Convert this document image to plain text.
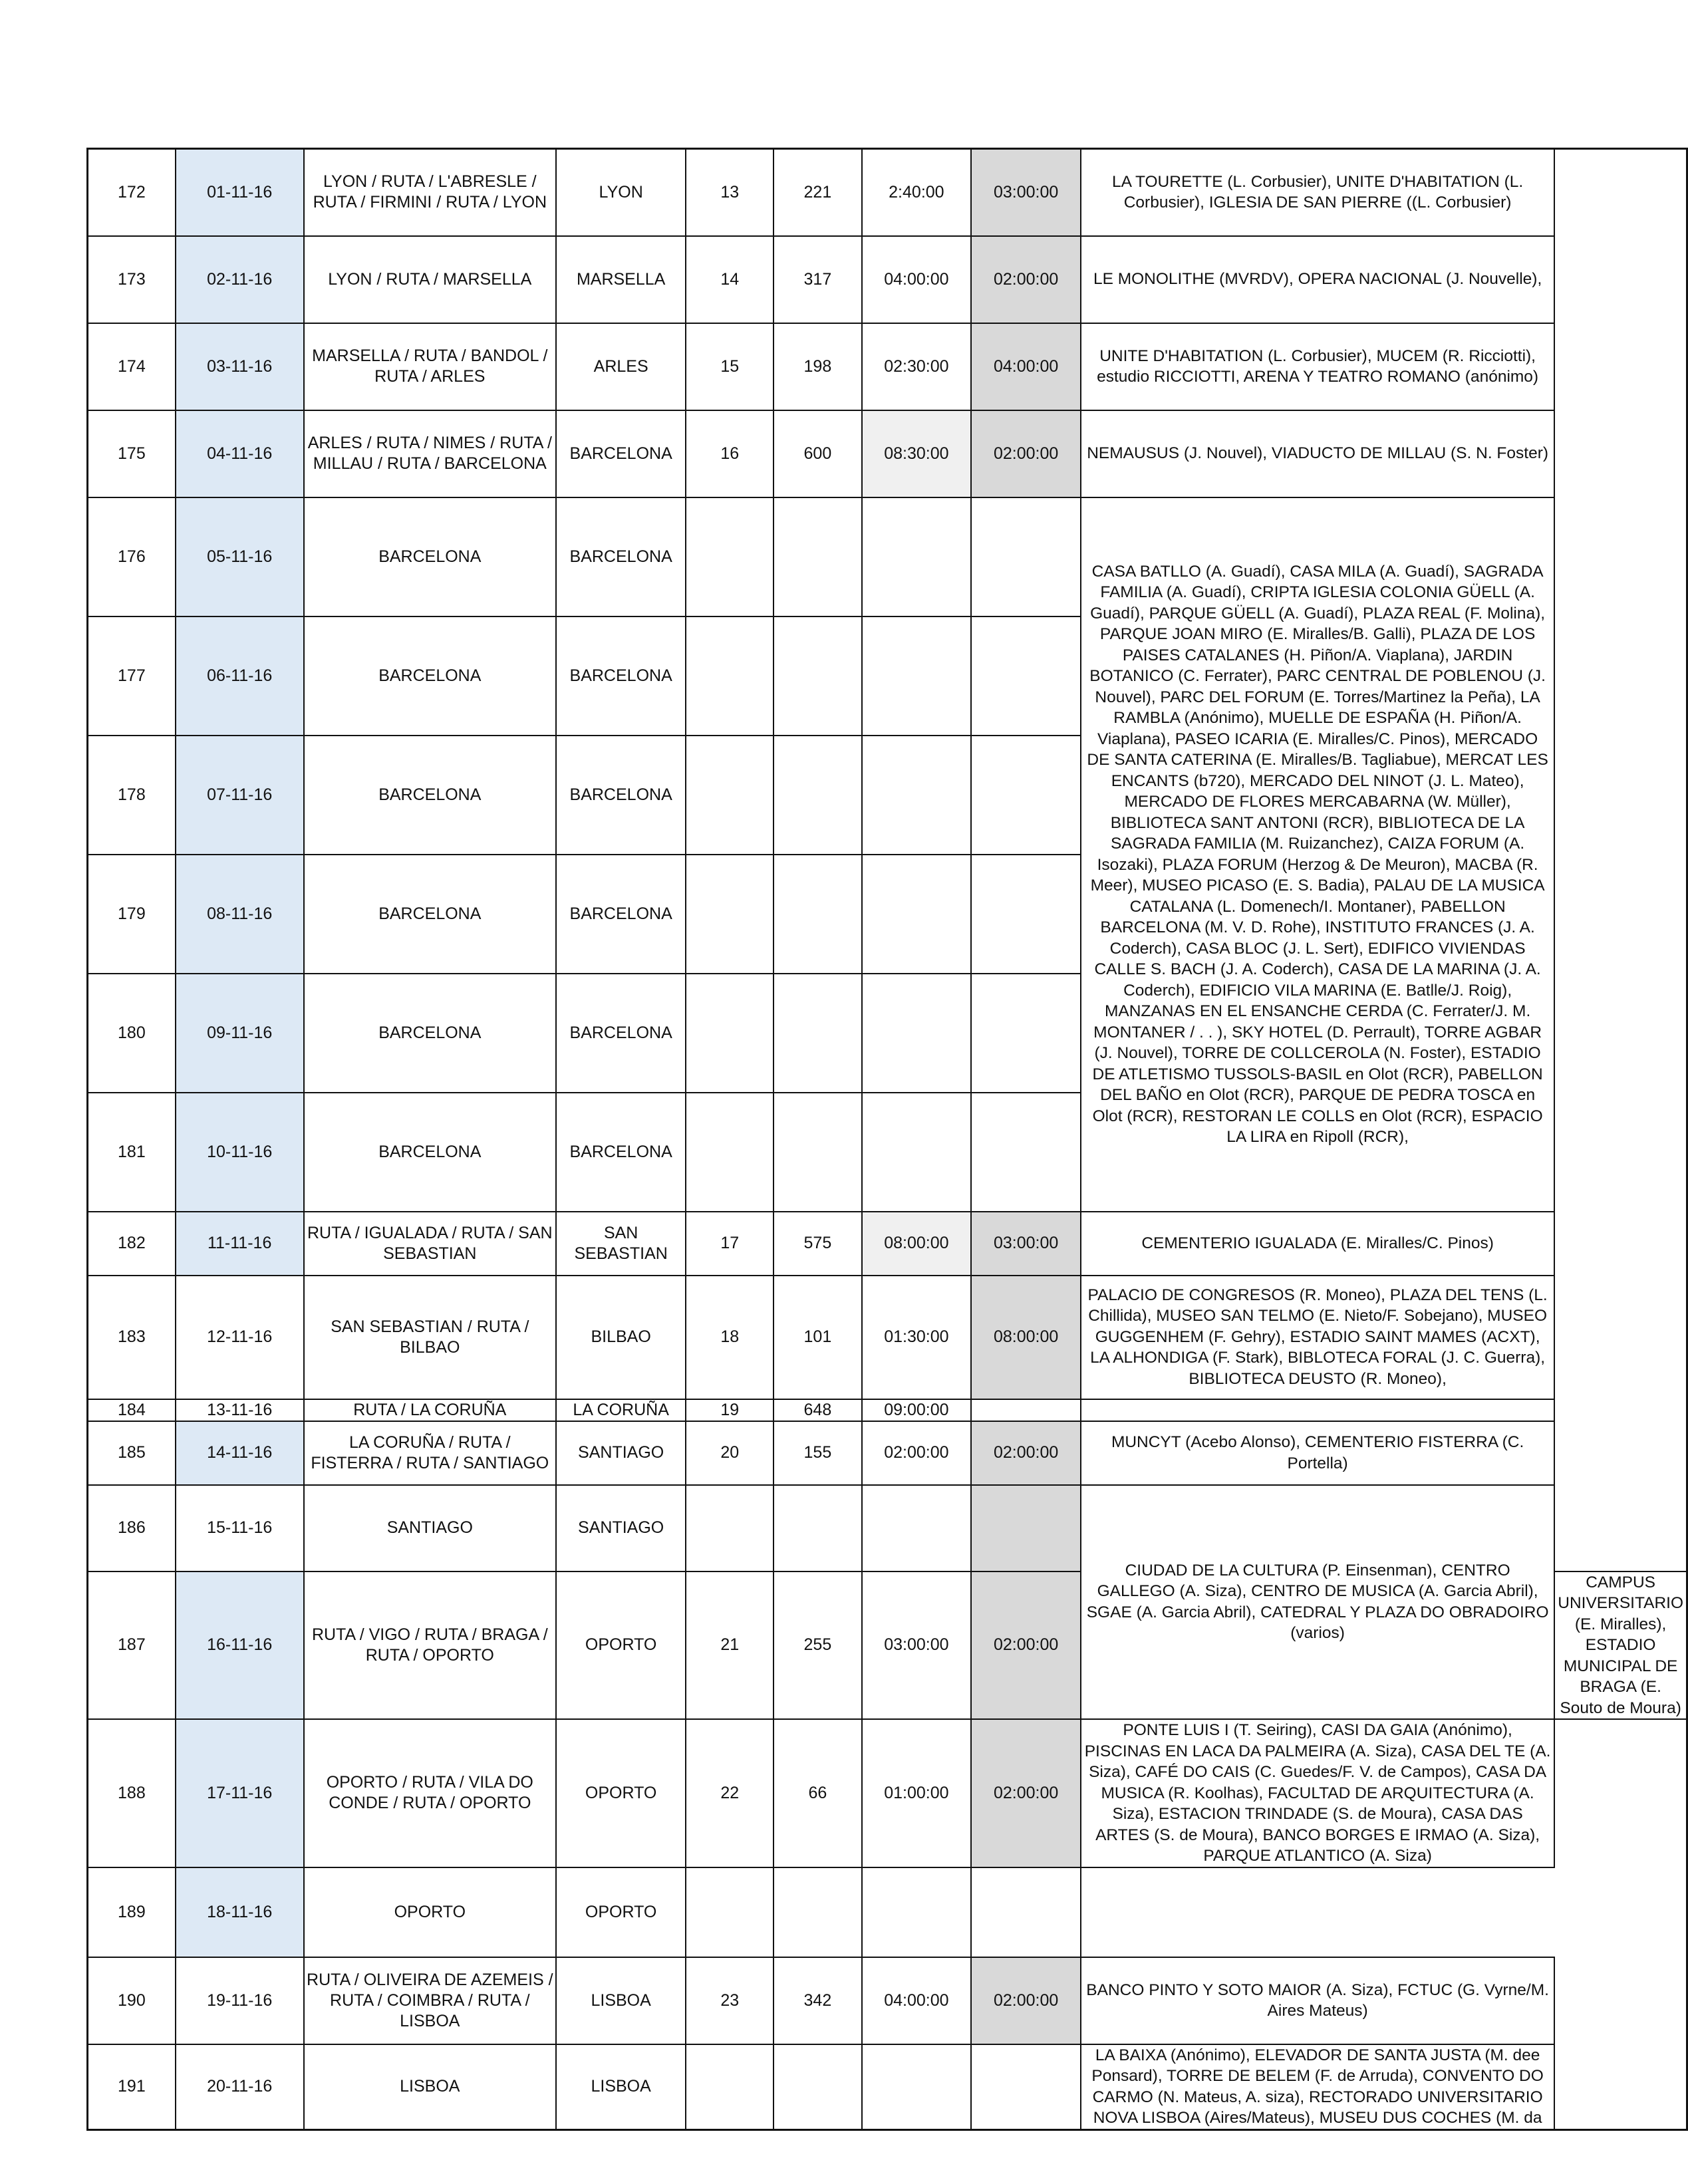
172	01-11-16	LYON / RUTA / L'ABRESLE / RUTA / FIRMINI / RUTA / LYON	LYON	13	221	2:40:00	03:00:00	LA TOURETTE (L. Corbusier), UNITE D'HABITATION (L. Corbusier), IGLESIA DE SAN PIERRE ((L. Corbusier)	
173	02-11-16	LYON / RUTA / MARSELLA	MARSELLA	14	317	04:00:00	02:00:00	LE MONOLITHE (MVRDV), OPERA NACIONAL (J. Nouvelle),	
174	03-11-16	MARSELLA / RUTA / BANDOL / RUTA / ARLES	ARLES	15	198	02:30:00	04:00:00	UNITE D'HABITATION (L. Corbusier), MUCEM (R. Ricciotti), estudio RICCIOTTI, ARENA Y TEATRO ROMANO (anónimo)	
175	04-11-16	ARLES / RUTA / NIMES / RUTA / MILLAU / RUTA / BARCELONA	BARCELONA	16	600	08:30:00	02:00:00	NEMAUSUS (J. Nouvel), VIADUCTO DE MILLAU (S. N. Foster)	
176	05-11-16	BARCELONA	BARCELONA					CASA BATLLO (A. Guadí), CASA MILA (A. Guadí), SAGRADA FAMILIA (A. Guadí), CRIPTA IGLESIA COLONIA GÜELL (A. Guadí), PARQUE GÜELL (A. Guadí), PLAZA REAL (F. Molina), PARQUE JOAN MIRO (E. Miralles/B. Galli), PLAZA DE LOS PAISES CATALANES (H. Piñon/A. Viaplana), JARDIN BOTANICO (C. Ferrater), PARC CENTRAL DE POBLENOU (J. Nouvel), PARC DEL FORUM (E. Torres/Martinez la Peña), LA RAMBLA (Anónimo), MUELLE DE ESPAÑA (H. Piñon/A. Viaplana), PASEO ICARIA (E. Miralles/C. Pinos), MERCADO DE SANTA CATERINA (E. Miralles/B. Tagliabue), MERCAT LES ENCANTS (b720), MERCADO DEL NINOT (J. L. Mateo), MERCADO DE FLORES MERCABARNA (W. Müller), BIBLIOTECA SANT ANTONI (RCR), BIBLIOTECA DE LA SAGRADA FAMILIA (M. Ruizanchez), CAIZA FORUM (A. Isozaki), PLAZA FORUM (Herzog & De Meuron), MACBA (R. Meer), MUSEO PICASO (E. S. Badia), PALAU DE LA MUSICA CATALANA (L. Domenech/I. Montaner), PABELLON BARCELONA (M. V. D. Rohe), INSTITUTO FRANCES (J. A. Coderch), CASA BLOC (J. L. Sert), EDIFICO VIVIENDAS CALLE S. BACH (J. A. Coderch), CASA DE LA MARINA (J. A. Coderch), EDIFICIO VILA MARINA (E. Batlle/J. Roig), MANZANAS EN EL ENSANCHE CERDA (C. Ferrater/J. M. MONTANER / . . ), SKY HOTEL (D. Perrault), TORRE AGBAR (J. Nouvel), TORRE DE COLLCEROLA (N. Foster), ESTADIO DE ATLETISMO TUSSOLS-BASIL en Olot (RCR), PABELLON DEL BAÑO en Olot (RCR), PARQUE DE PEDRA TOSCA en Olot (RCR), RESTORAN LE COLLS en Olot (RCR), ESPACIO LA LIRA en Ripoll (RCR),	
177	06-11-16	BARCELONA	BARCELONA						
178	07-11-16	BARCELONA	BARCELONA						
179	08-11-16	BARCELONA	BARCELONA						
180	09-11-16	BARCELONA	BARCELONA						
181	10-11-16	BARCELONA	BARCELONA						
182	11-11-16	RUTA / IGUALADA / RUTA / SAN SEBASTIAN	SAN SEBASTIAN	17	575	08:00:00	03:00:00	CEMENTERIO IGUALADA (E. Miralles/C. Pinos)	
183	12-11-16	SAN SEBASTIAN / RUTA / BILBAO	BILBAO	18	101	01:30:00	08:00:00	PALACIO DE CONGRESOS (R. Moneo), PLAZA DEL TENS (L. Chillida), MUSEO SAN TELMO (E. Nieto/F. Sobejano), MUSEO GUGGENHEM (F. Gehry), ESTADIO SAINT MAMES (ACXT), LA ALHONDIGA (F. Stark), BIBLOTECA FORAL (J. C. Guerra), BIBLIOTECA DEUSTO (R. Moneo),	
184	13-11-16	RUTA / LA CORUÑA	LA CORUÑA	19	648	09:00:00			
185	14-11-16	LA CORUÑA / RUTA / FISTERRA / RUTA / SANTIAGO	SANTIAGO	20	155	02:00:00	02:00:00	MUNCYT (Acebo Alonso), CEMENTERIO FISTERRA (C. Portella)	
186	15-11-16	SANTIAGO	SANTIAGO					CIUDAD DE LA CULTURA (P. Einsenman), CENTRO GALLEGO (A. Siza), CENTRO DE MUSICA (A. Garcia Abril), SGAE (A. Garcia Abril), CATEDRAL Y PLAZA DO OBRADOIRO (varios)	
187	16-11-16	RUTA / VIGO / RUTA / BRAGA / RUTA / OPORTO	OPORTO	21	255	03:00:00	02:00:00		CAMPUS UNIVERSITARIO (E. Miralles), ESTADIO MUNICIPAL DE BRAGA (E. Souto de Moura)
188	17-11-16	OPORTO / RUTA / VILA DO CONDE / RUTA / OPORTO	OPORTO	22	66	01:00:00	02:00:00	PONTE LUIS I (T. Seiring), CASI DA GAIA (Anónimo), PISCINAS EN LACA DA PALMEIRA (A. Siza), CASA DEL TE (A. Siza), CAFÉ DO CAIS (C. Guedes/F. V. de Campos), CASA DA MUSICA (R. Koolhas), FACULTAD DE ARQUITECTURA (A. Siza), ESTACION TRINDADE (S. de Moura), CASA DAS ARTES (S. de Moura), BANCO BORGES E IRMAO (A. Siza), PARQUE ATLANTICO (A. Siza)	
189	18-11-16	OPORTO	OPORTO						
190	19-11-16	RUTA / OLIVEIRA DE AZEMEIS / RUTA / COIMBRA / RUTA / LISBOA	LISBOA	23	342	04:00:00	02:00:00	BANCO PINTO Y SOTO MAIOR (A. Siza), FCTUC (G. Vyrne/M. Aires Mateus)	
191	20-11-16	LISBOA	LISBOA					LA BAIXA (Anónimo), ELEVADOR DE SANTA JUSTA (M. dee Ponsard), TORRE DE BELEM (F. de Arruda), CONVENTO DO CARMO (N. Mateus, A. siza), RECTORADO UNIVERSITARIO NOVA LISBOA (Aires/Mateus), MUSEU DUS COCHES (M. da	
